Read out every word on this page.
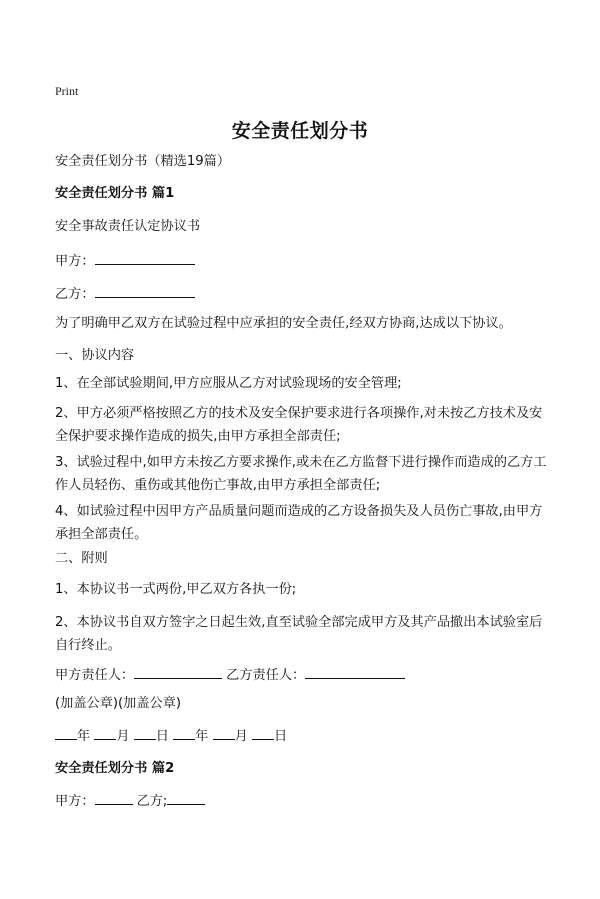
Print
安全责任划分书
安全责任划分书（精选19篇）
安全责任划分书 篇1
安全事故责任认定协议书
甲方：
乙方：
为了明确甲乙双方在试验过程中应承担的安全责任,经双方协商,达成以下协议。
一、协议内容
1、在全部试验期间,甲方应服从乙方对试验现场的安全管理;
2、甲方必须严格按照乙方的技术及安全保护要求进行各项操作,对未按乙方技术及安全保护要求操作造成的损失,由甲方承担全部责任;
3、试验过程中,如甲方未按乙方要求操作,或未在乙方监督下进行操作而造成的乙方工作人员轻伤、重伤或其他伤亡事故,由甲方承担全部责任;
4、如试验过程中因甲方产品质量问题而造成的乙方设备损失及人员伤亡事故,由甲方承担全部责任。
二、附则
1、本协议书一式两份,甲乙双方各执一份;
2、本协议书自双方签字之日起生效,直至试验全部完成甲方及其产品撤出本试验室后自行终止。
甲方责任人：	乙方责任人：
(加盖公章)(加盖公章)
年 月 日 年 月 日
安全责任划分书 篇2
甲方：	乙方;
